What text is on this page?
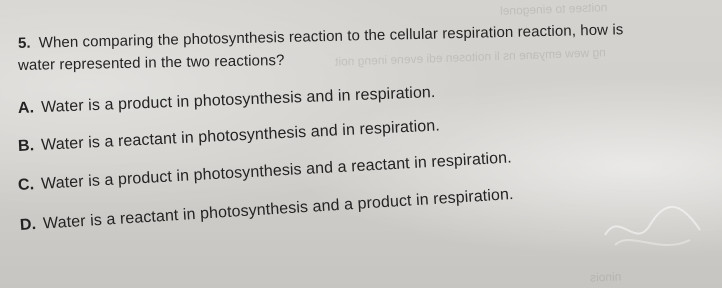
noitsee to einegonel
ng wew emyane ns li noitosen edi evene ineng noit
ninois
5. When comparing the photosynthesis reaction to the cellular respiration reaction, how is
water represented in the two reactions?
A. Water is a product in photosynthesis and in respiration.
B. Water is a reactant in photosynthesis and in respiration.
C. Water is a product in photosynthesis and a reactant in respiration.
D. Water is a reactant in photosynthesis and a product in respiration.
